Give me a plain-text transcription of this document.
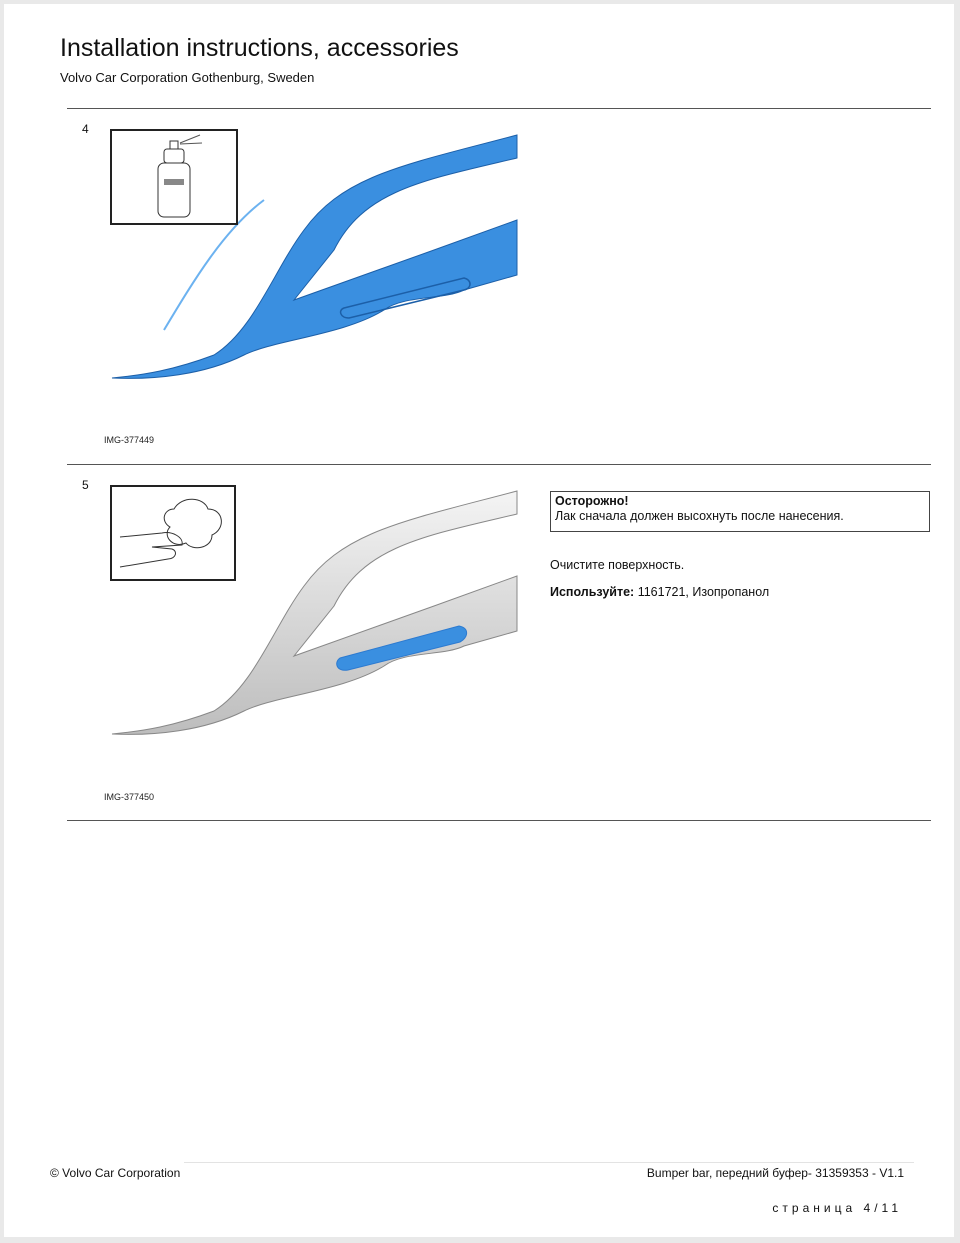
Installation instructions, accessories
Volvo Car Corporation Gothenburg, Sweden
4
IMG-377449
5
Осторожно!
Лак сначала должен высохнуть после нанесения.
Очистите поверхность.
Используйте: 1161721, Изопропанол
IMG-377450
© Volvo Car Corporation	Bumper bar, передний буфер- 31359353 - V1.1
страница 4/11
